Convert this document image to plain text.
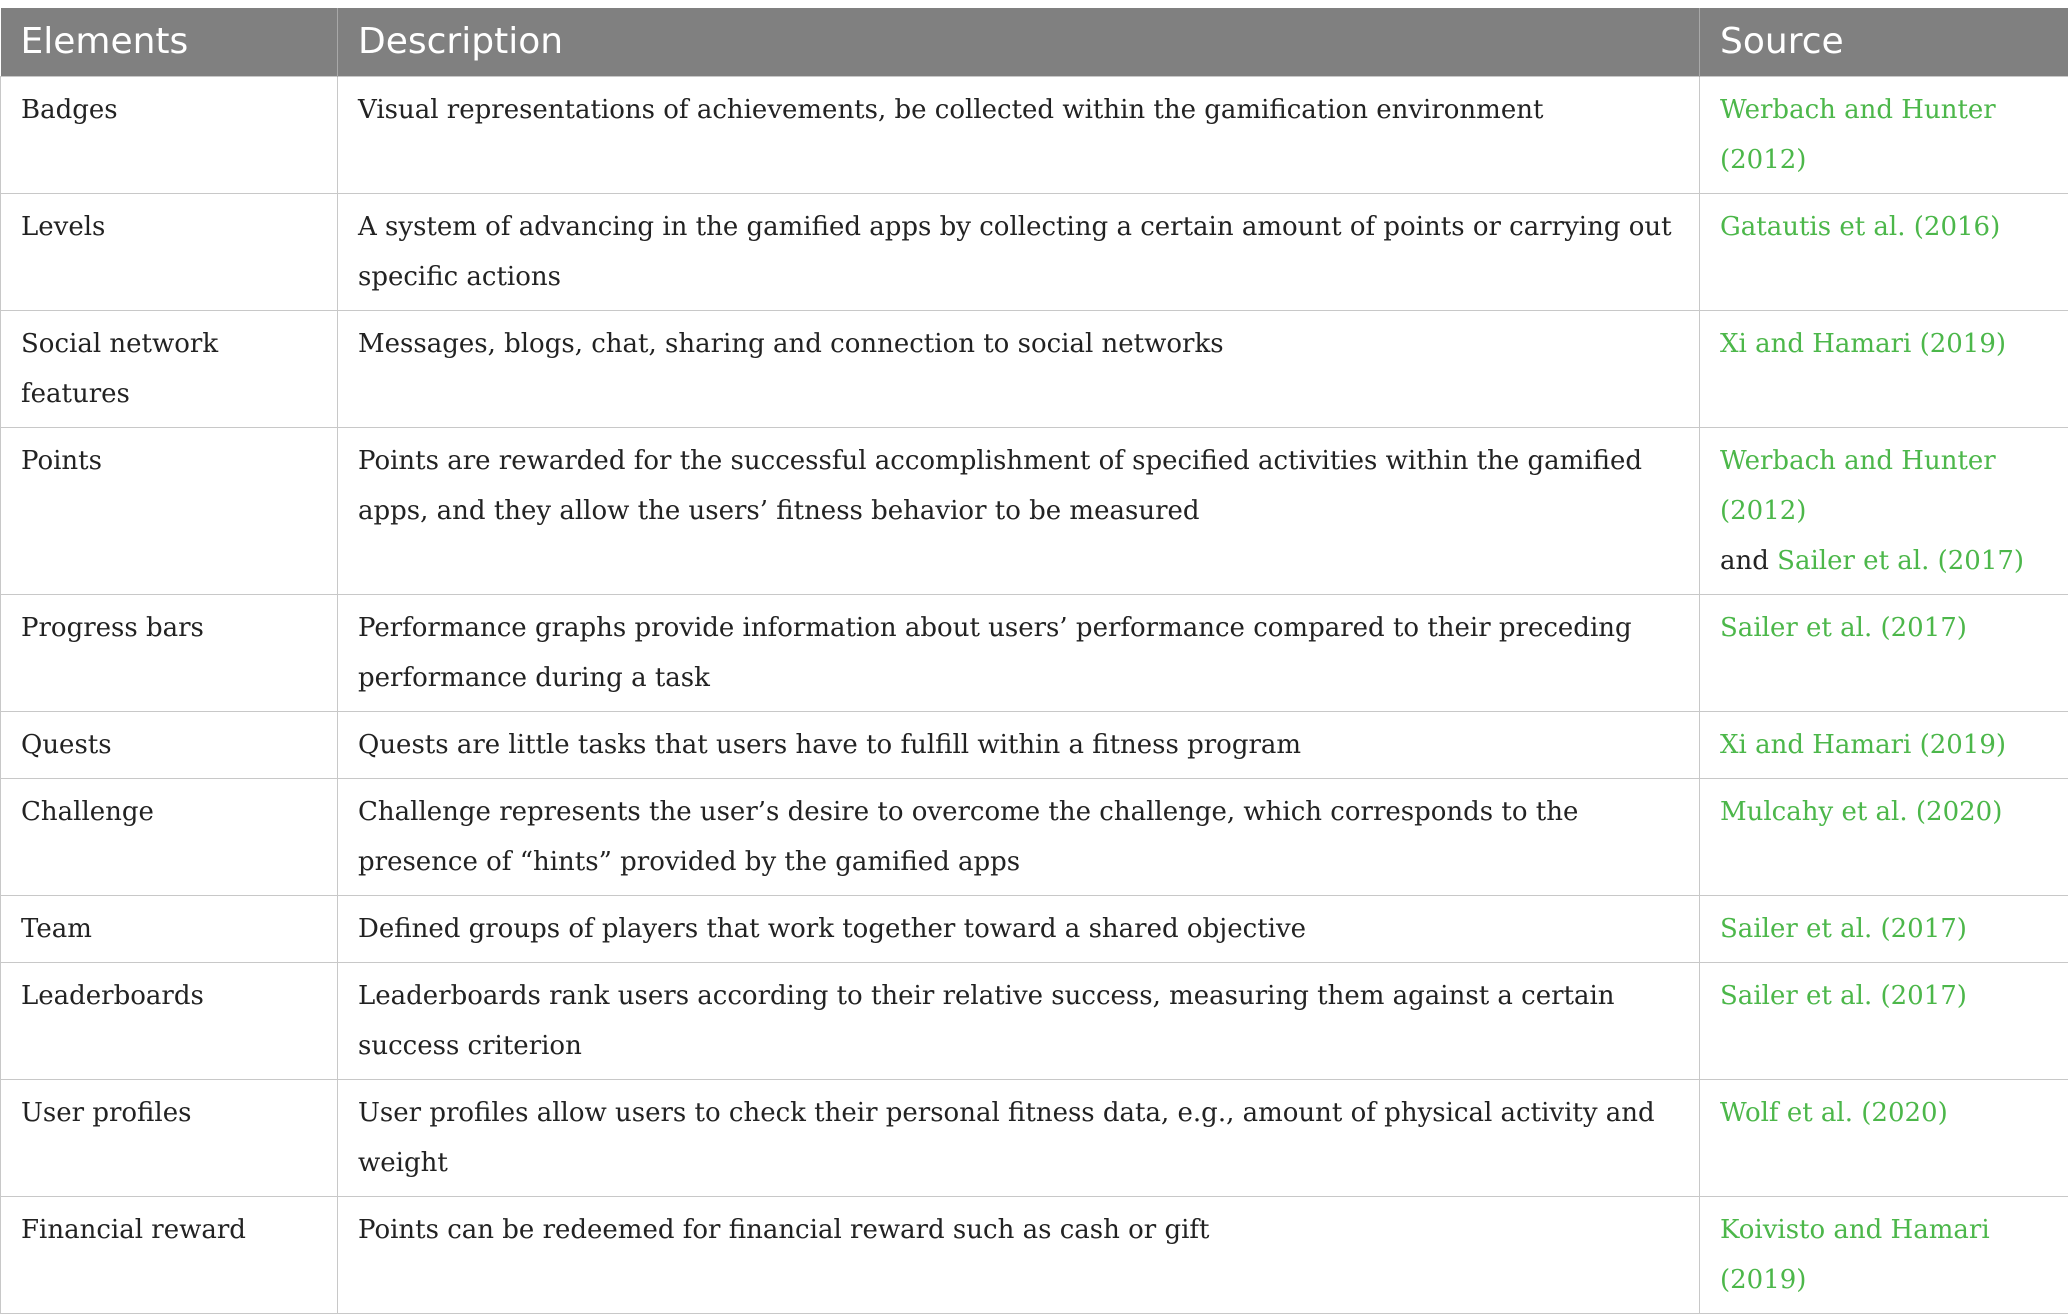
Elements	Description	Source
Badges	Visual representations of achievements, be collected within the gamification environment	Werbach and Hunter (2012)
Levels	A system of advancing in the gamified apps by collecting a certain amount of points or carrying out specific actions	Gatautis et al. (2016)
Social network features	Messages, blogs, chat, sharing and connection to social networks	Xi and Hamari (2019)
Points	Points are rewarded for the successful accomplishment of specified activities within the gamified apps, and they allow the users’ fitness behavior to be measured	Werbach and Hunter (2012)
and Sailer et al. (2017)
Progress bars	Performance graphs provide information about users’ performance compared to their preceding performance during a task	Sailer et al. (2017)
Quests	Quests are little tasks that users have to fulfill within a fitness program	Xi and Hamari (2019)
Challenge	Challenge represents the user’s desire to overcome the challenge, which corresponds to the presence of “hints” provided by the gamified apps	Mulcahy et al. (2020)
Team	Defined groups of players that work together toward a shared objective	Sailer et al. (2017)
Leaderboards	Leaderboards rank users according to their relative success, measuring them against a certain success criterion	Sailer et al. (2017)
User profiles	User profiles allow users to check their personal fitness data, e.g., amount of physical activity and weight	Wolf et al. (2020)
Financial reward	Points can be redeemed for financial reward such as cash or gift	Koivisto and Hamari (2019)
